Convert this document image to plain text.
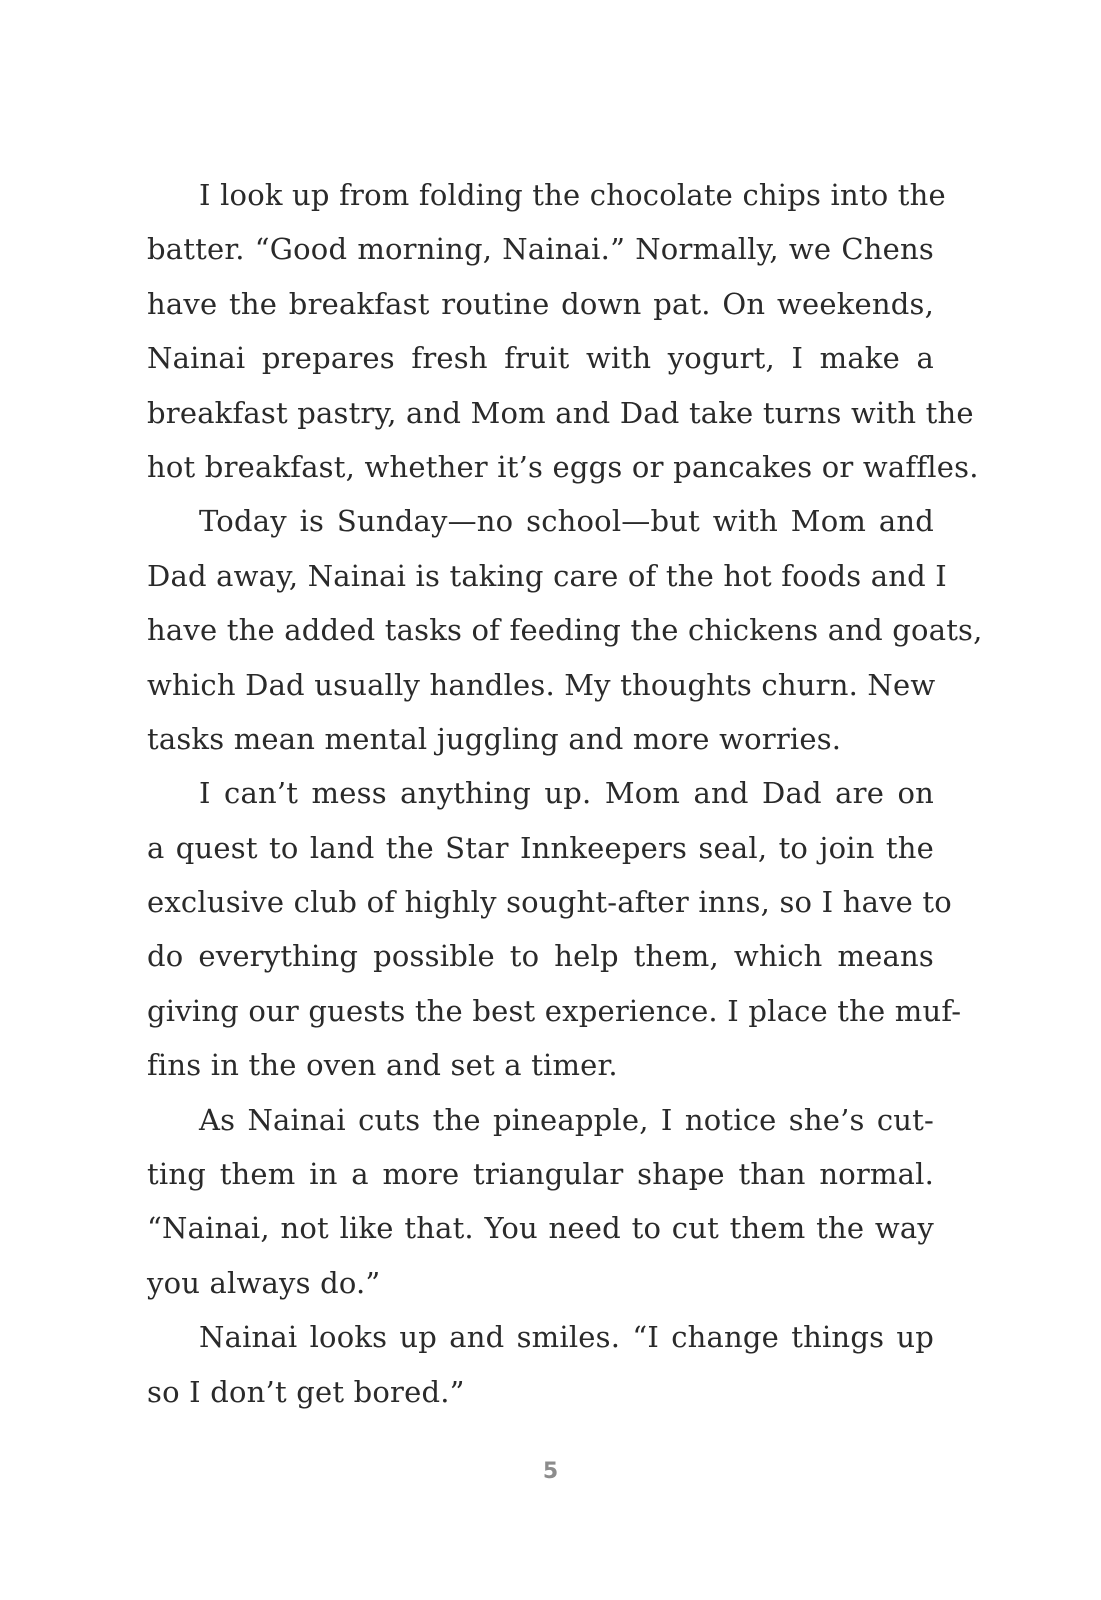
I look up from folding the chocolate chips into the
batter. “Good morning, Nainai.” Normally, we Chens
have the breakfast routine down pat. On weekends,
Nainai prepares fresh fruit with yogurt, I make a
breakfast pastry, and Mom and Dad take turns with the
hot breakfast, whether it’s eggs or pancakes or waffles.
Today is Sunday—no school—but with Mom and
Dad away, Nainai is taking care of the hot foods and I
have the added tasks of feeding the chickens and goats,
which Dad usually handles. My thoughts churn. New
tasks mean mental juggling and more worries.
I can’t mess anything up. Mom and Dad are on
a quest to land the Star Innkeepers seal, to join the
exclusive club of highly sought-after inns, so I have to
do everything possible to help them, which means
giving our guests the best experience. I place the muf-
fins in the oven and set a timer.
As Nainai cuts the pineapple, I notice she’s cut-
ting them in a more triangular shape than normal.
“Nainai, not like that. You need to cut them the way
you always do.”
Nainai looks up and smiles. “I change things up
so I don’t get bored.”
5
